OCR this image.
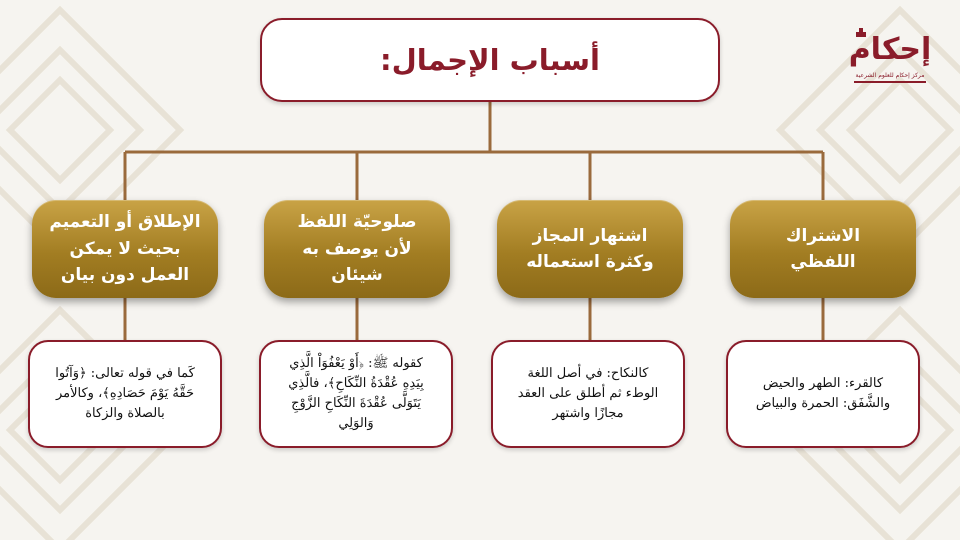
أسباب الإجمال:	إحكام
مركز إحكام للعلوم الشرعية
الاشتراك
اللفظي
اشتهار المجاز
وكثرة استعماله
صلوحيّة اللفظ
لأن يوصف به
شيئان
الإطلاق أو التعميم
بحيث لا يمكن
العمل دون بيان
كالقرء: الطهر والحيض
والشَّفَق: الحمرة والبياض
كالنكاح: في أصل اللغة
الوطء ثم أطلق على العقد
مجازًا واشتهر
كقوله ﷺ: ﴿أَوْ يَعْفُوَاْ الَّذِي
بِيَدِهِ عُقْدَةُ النِّكَاحِ﴾، فالَّذِي
يَتَوَلَّى عُقْدَةَ النِّكَاحِ الزَّوْجِ
وَالوَلِي
كَما في قوله تعالى: ﴿وَآتُوا
حَقَّهُ يَوْمَ حَصَادِهِ﴾، وكالأمر
بالصلاة والزكاة
